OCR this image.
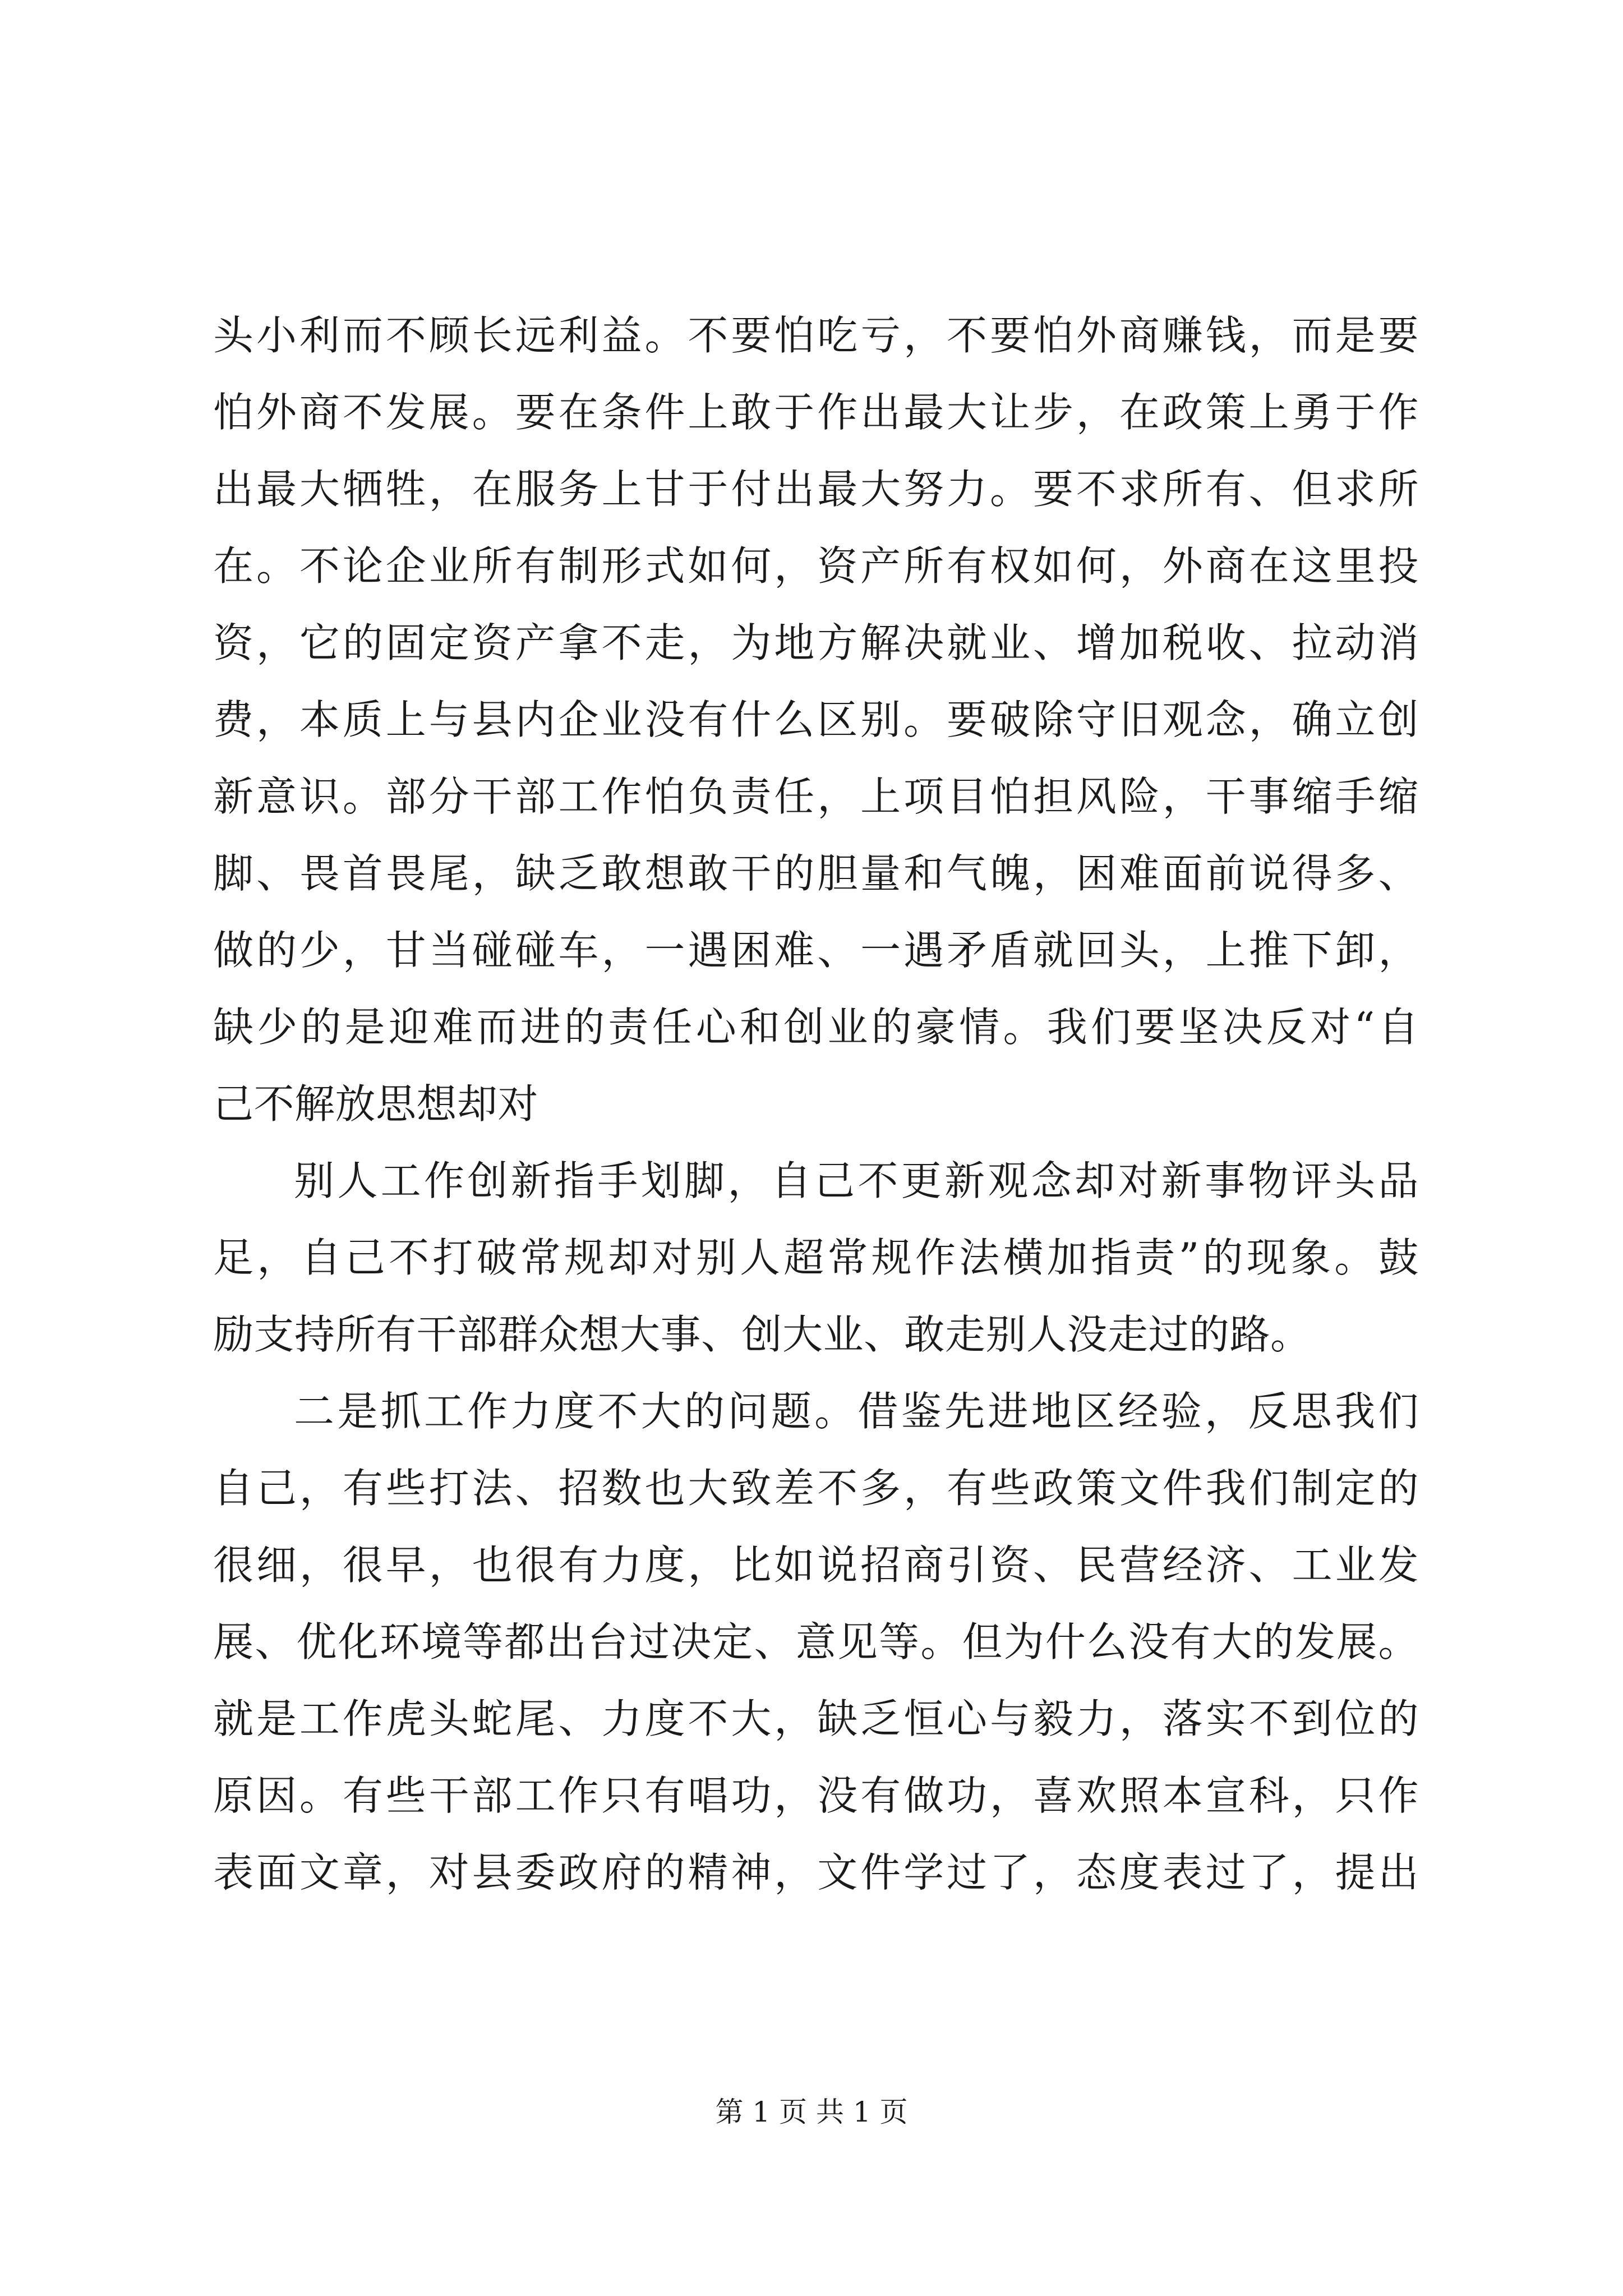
头小利而不顾长远利益。不要怕吃亏，不要怕外商赚钱，而是要
怕外商不发展。要在条件上敢于作出最大让步，在政策上勇于作
出最大牺牲，在服务上甘于付出最大努力。要不求所有、但求所
在。不论企业所有制形式如何，资产所有权如何，外商在这里投
资，它的固定资产拿不走，为地方解决就业、增加税收、拉动消
费，本质上与县内企业没有什么区别。要破除守旧观念，确立创
新意识。部分干部工作怕负责任，上项目怕担风险，干事缩手缩
脚、畏首畏尾，缺乏敢想敢干的胆量和气魄，困难面前说得多、
做的少，甘当碰碰车，一遇困难、一遇矛盾就回头，上推下卸，
缺少的是迎难而进的责任心和创业的豪情。我们要坚决反对“自
己不解放思想却对
别人工作创新指手划脚，自己不更新观念却对新事物评头品
足，自己不打破常规却对别人超常规作法横加指责”的现象。鼓
励支持所有干部群众想大事、创大业、敢走别人没走过的路。
二是抓工作力度不大的问题。借鉴先进地区经验，反思我们
自己，有些打法、招数也大致差不多，有些政策文件我们制定的
很细，很早，也很有力度，比如说招商引资、民营经济、工业发
展、优化环境等都出台过决定、意见等。但为什么没有大的发展。
就是工作虎头蛇尾、力度不大，缺乏恒心与毅力，落实不到位的
原因。有些干部工作只有唱功，没有做功，喜欢照本宣科，只作
表面文章，对县委政府的精神，文件学过了，态度表过了，提出
第 1 页 共 1 页
